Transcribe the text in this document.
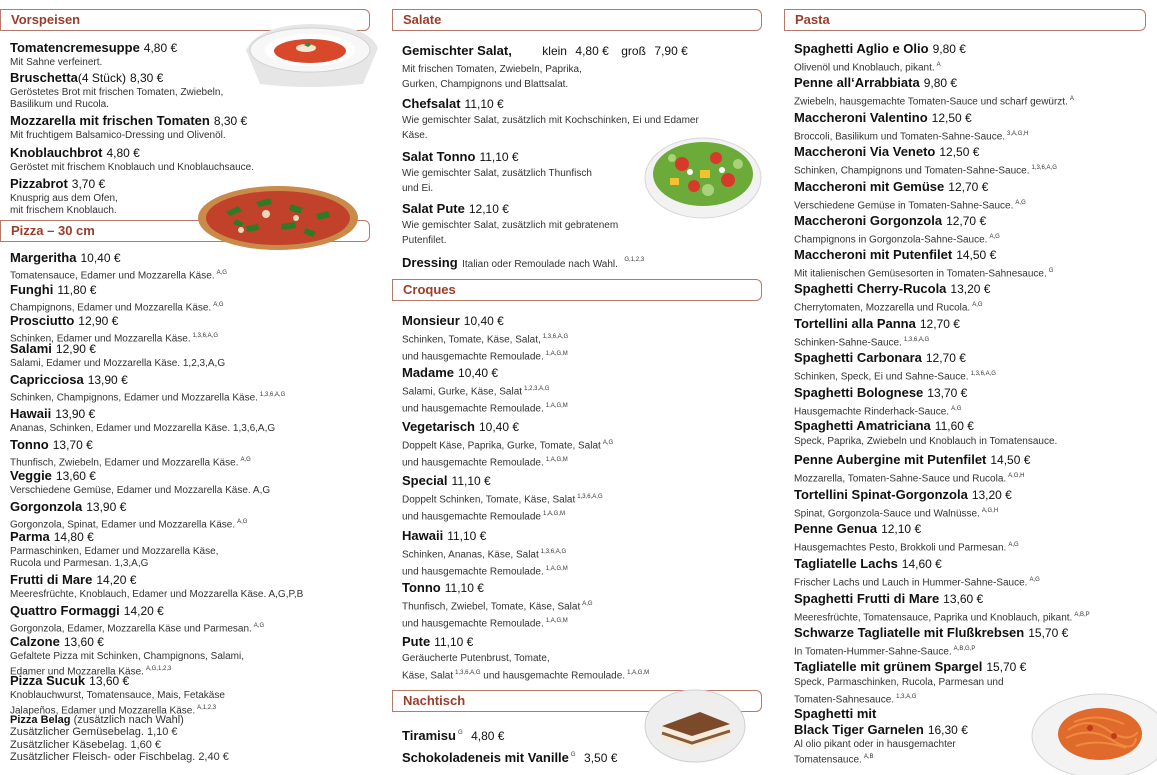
Vorspeisen
Tomatencremesuppe 4,80 €
Mit Sahne verfeinert.
Bruschetta(4 Stück) 8,30 €
Geröstetes Brot mit frischen Tomaten, Zwiebeln,
Basilikum und Rucola.
Mozzarella mit frischen Tomaten 8,30 €
Mit fruchtigem Balsamico-Dressing und Olivenöl.
Knoblauchbrot 4,80 €
Geröstet mit frischem Knoblauch und Knoblauchsauce.
Pizzabrot 3,70 €
Knusprig aus dem Ofen,
mit frischem Knoblauch.
Pizza – 30 cm
Margeritha 10,40 €
Tomatensauce, Edamer und Mozzarella Käse. $^{A,G}$
Funghi 11,80 €
Champignons, Edamer und Mozzarella Käse. $^{A,G}$
Prosciutto 12,90 €
Schinken, Edamer und Mozzarella Käse. $^{1,3,6,A,G}$
Salami 12,90 €
Salami, Edamer und Mozzarella Käse. 1,2,3,A,G
Capricciosa 13,90 €
Schinken, Champignons, Edamer und Mozzarella Käse. $^{1,3,6,A,G}$
Hawaii 13,90 €
Ananas, Schinken, Edamer und Mozzarella Käse. 1,3,6,A,G
Tonno 13,70 €
Thunfisch, Zwiebeln, Edamer und Mozzarella Käse. $^{A,G}$
Veggie 13,60 €
Verschiedene Gemüse, Edamer und Mozzarella Käse. A,G
Gorgonzola 13,90 €
Gorgonzola, Spinat, Edamer und Mozzarella Käse. $^{A,G}$
Parma 14,80 €
Parmaschinken, Edamer und Mozzarella Käse,
Rucola und Parmesan. 1,3,A,G
Frutti di Mare 14,20 €
Meeresfrüchte, Knoblauch, Edamer und Mozzarella Käse. A,G,P,B
Quattro Formaggi 14,20 €
Gorgonzola, Edamer, Mozzarella Käse und Parmesan. $^{A,G}$
Calzone 13,60 €
Gefaltete Pizza mit Schinken, Champignons, Salami,
Edamer und Mozzarella Käse. $^{A,G,1,2,3}$
Pizza Sucuk 13,60 €
Knoblauchwurst, Tomatensauce, Mais, Fetakäse
Jalapeños, Edamer und Mozzarella Käse. $^{A,1,2,3}$
Pizza Belag (zusätzlich nach Wahl)
Zusätzlicher Gemüsebelag. 1,10 €
Zusätzlicher Käsebelag. 1,60 €
Zusätzlicher Fleisch- oder Fischbelag. 2,40 €
Salate
Gemischter Salat,	klein 4,80 € groß 7,90 €
Mit frischen Tomaten, Zwiebeln, Paprika,
Gurken, Champignons und Blattsalat.
Chefsalat 11,10 €
Wie gemischter Salat, zusätzlich mit Kochschinken, Ei und Edamer
Käse.
Salat Tonno 11,10 €
Wie gemischter Salat, zusätzlich Thunfisch
und Ei.
Salat Pute 12,10 €
Wie gemischter Salat, zusätzlich mit gebratenem
Putenfilet.
Dressing Italian oder Remoulade nach Wahl. $^{G,1,2,3}$
Croques
Monsieur 10,40 €
Schinken, Tomate, Käse, Salat, $^{1,3,6,A,G}$
und hausgemachte Remoulade. $^{1,A,G,M}$
Madame 10,40 €
Salami, Gurke, Käse, Salat $^{1,2,3,A,G}$
und hausgemachte Remoulade. $^{1,A,G,M}$
Vegetarisch 10,40 €
Doppelt Käse, Paprika, Gurke, Tomate, Salat $^{A,G}$
und hausgemachte Remoulade. $^{1,A,G,M}$
Special 11,10 €
Doppelt Schinken, Tomate, Käse, Salat $^{1,3,6,A,G}$
und hausgemachte Remoulade $^{1,A,G,M}$
Hawaii 11,10 €
Schinken, Ananas, Käse, Salat $^{1,3,6,A,G}$
und hausgemachte Remoulade. $^{1,A,G,M}$
Tonno 11,10 €
Thunfisch, Zwiebel, Tomate, Käse, Salat $^{A,G}$
und hausgemachte Remoulade. $^{1,A,G,M}$
Pute 11,10 €
Geräucherte Putenbrust, Tomate,
Käse, Salat $^{1,3,6,A,G}$ und hausgemachte Remoulade. $^{1,A,G,M}$
Nachtisch
Tiramisu $^G$ 4,80 €
Schokoladeneis mit Vanille $^G$ 3,50 €
Pasta
Spaghetti Aglio e Olio 9,80 €
Olivenöl und Knoblauch, pikant. $^A$
Penne all‘Arrabbiata 9,80 €
Zwiebeln, hausgemachte Tomaten-Sauce und scharf gewürzt. $^A$
Maccheroni Valentino 12,50 €
Broccoli, Basilikum und Tomaten-Sahne-Sauce. $^{3,A,G,H}$
Maccheroni Via Veneto 12,50 €
Schinken, Champignons und Tomaten-Sahne-Sauce. $^{1,3,6,A,G}$
Maccheroni mit Gemüse 12,70 €
Verschiedene Gemüse in Tomaten-Sahne-Sauce. $^{A,G}$
Maccheroni Gorgonzola 12,70 €
Champignons in Gorgonzola-Sahne-Sauce. $^{A,G}$
Maccheroni mit Putenfilet 14,50 €
Mit italienischen Gemüsesorten in Tomaten-Sahnesauce. $^G$
Spaghetti Cherry-Rucola 13,20 €
Cherrytomaten, Mozzarella und Rucola. $^{A,G}$
Tortellini alla Panna 12,70 €
Schinken-Sahne-Sauce. $^{1,3,6,A,G}$
Spaghetti Carbonara 12,70 €
Schinken, Speck, Ei und Sahne-Sauce. $^{1,3,6,A,G}$
Spaghetti Bolognese 13,70 €
Hausgemachte Rinderhack-Sauce. $^{A,G}$
Spaghetti Amatriciana 11,60 €
Speck, Paprika, Zwiebeln und Knoblauch in Tomatensauce.
Penne Aubergine mit Putenfilet 14,50 €
Mozzarella, Tomaten-Sahne-Sauce und Rucola. $^{A,G,H}$
Tortellini Spinat-Gorgonzola 13,20 €
Spinat, Gorgonzola-Sauce und Walnüsse. $^{A,G,H}$
Penne Genua 12,10 €
Hausgemachtes Pesto, Brokkoli und Parmesan. $^{A,G}$
Tagliatelle Lachs 14,60 €
Frischer Lachs und Lauch in Hummer-Sahne-Sauce. $^{A,G}$
Spaghetti Frutti di Mare 13,60 €
Meeresfrüchte, Tomatensauce, Paprika und Knoblauch, pikant. $^{A,B,P}$
Schwarze Tagliatelle mit Flußkrebsen 15,70 €
In Tomaten-Hummer-Sahne-Sauce. $^{A,B,G,P}$
Tagliatelle mit grünem Spargel 15,70 €
Speck, Parmaschinken, Rucola, Parmesan und
Tomaten-Sahnesauce. $^{1,3,A,G}$
Spaghetti mit
Black Tiger Garnelen 16,30 €
Al olio pikant oder in hausgemachter
Tomatensauce. $^{A,B}$
